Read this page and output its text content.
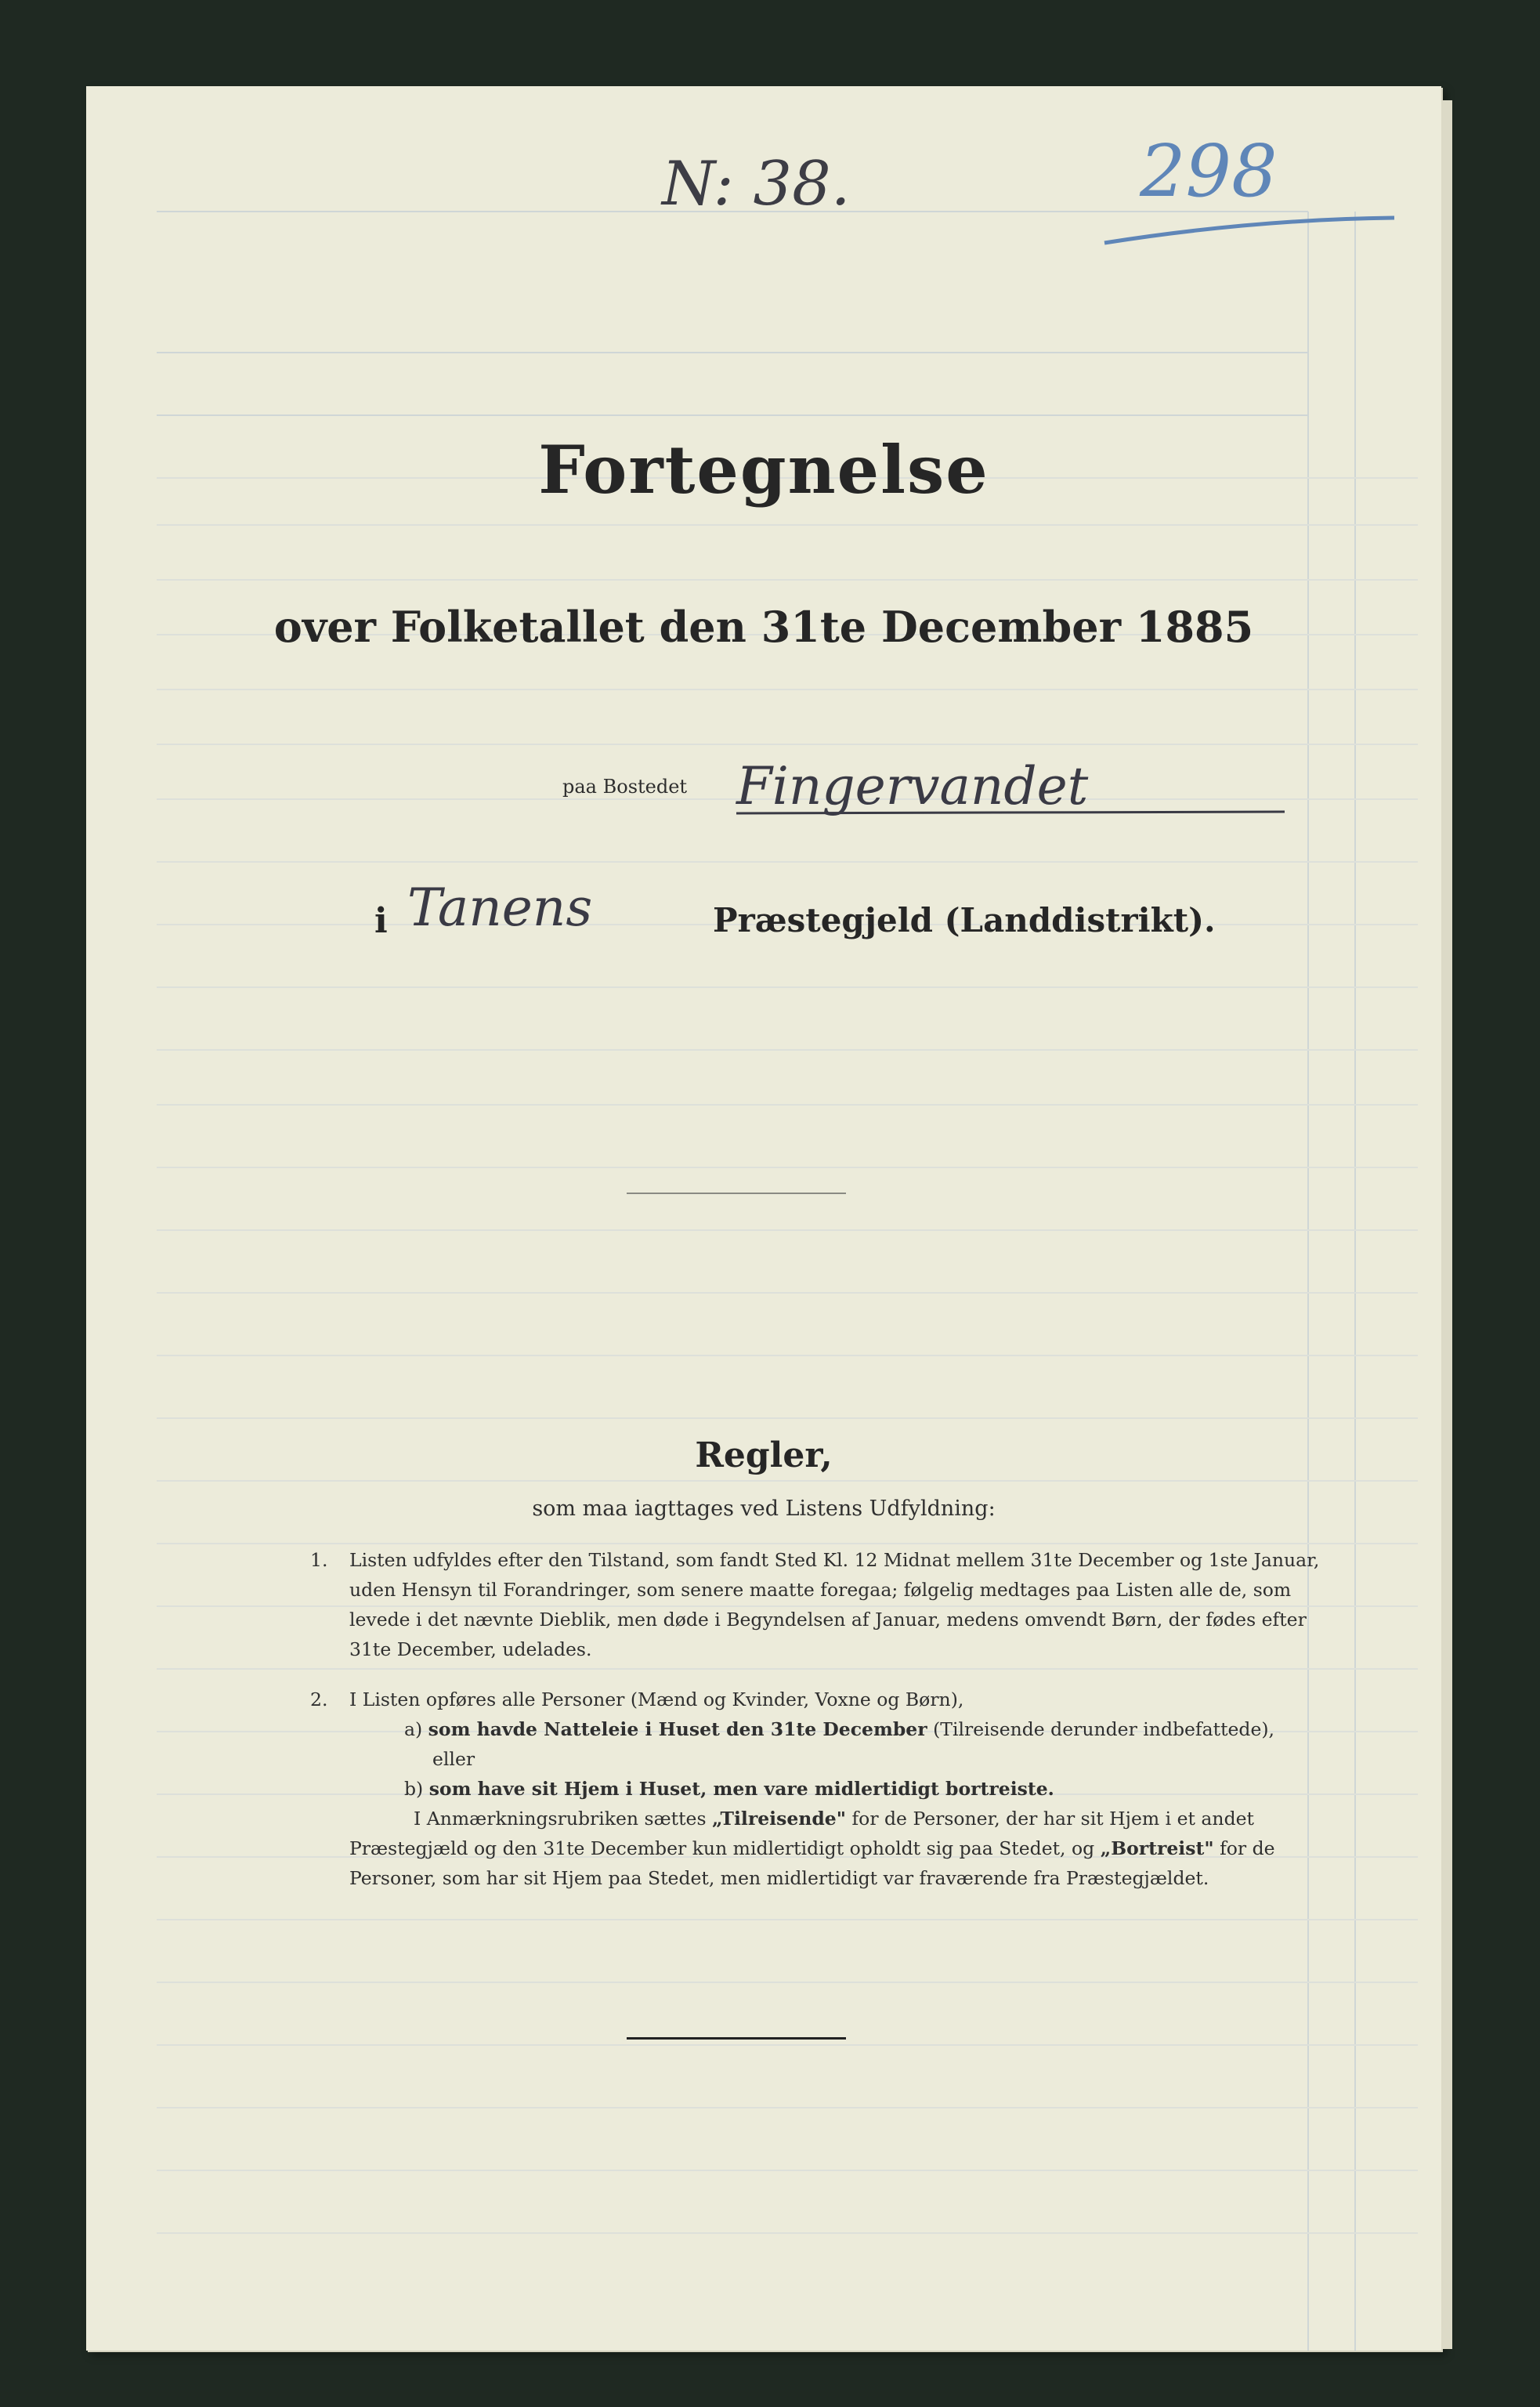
N: 38.	298
Fortegnelse
over Folketallet den 31te December 1885
paa Bostedet Fingervandet
i Tanens	Præstegjeld (Landdistrikt).
Regler,
som maa iagttages ved Listens Udfyldning:
1. Listen udfyldes efter den Tilstand, som fandt Sted Kl. 12 Midnat mellem 31te December og 1ste Januar, uden Hensyn til Forandringer, som senere maatte foregaa; følgelig medtages paa Listen alle de, som levede i det nævnte Dieblik, men døde i Begyndelsen af Januar, medens omvendt Børn, der fødes efter 31te December, udelades.
2. I Listen opføres alle Personer (Mænd og Kvinder, Voxne og Børn),
a) som havde Natteleie i Huset den 31te December (Tilreisende derunder indbefattede),
eller
b) som have sit Hjem i Huset, men vare midlertidigt bortreiste.
I Anmærkningsrubriken sættes „Tilreisende" for de Personer, der har sit Hjem i et andet Præstegjæld og den 31te December kun midlertidigt opholdt sig paa Stedet, og „Bortreist" for de Personer, som har sit Hjem paa Stedet, men midlertidigt var fraværende fra Præstegjældet.
